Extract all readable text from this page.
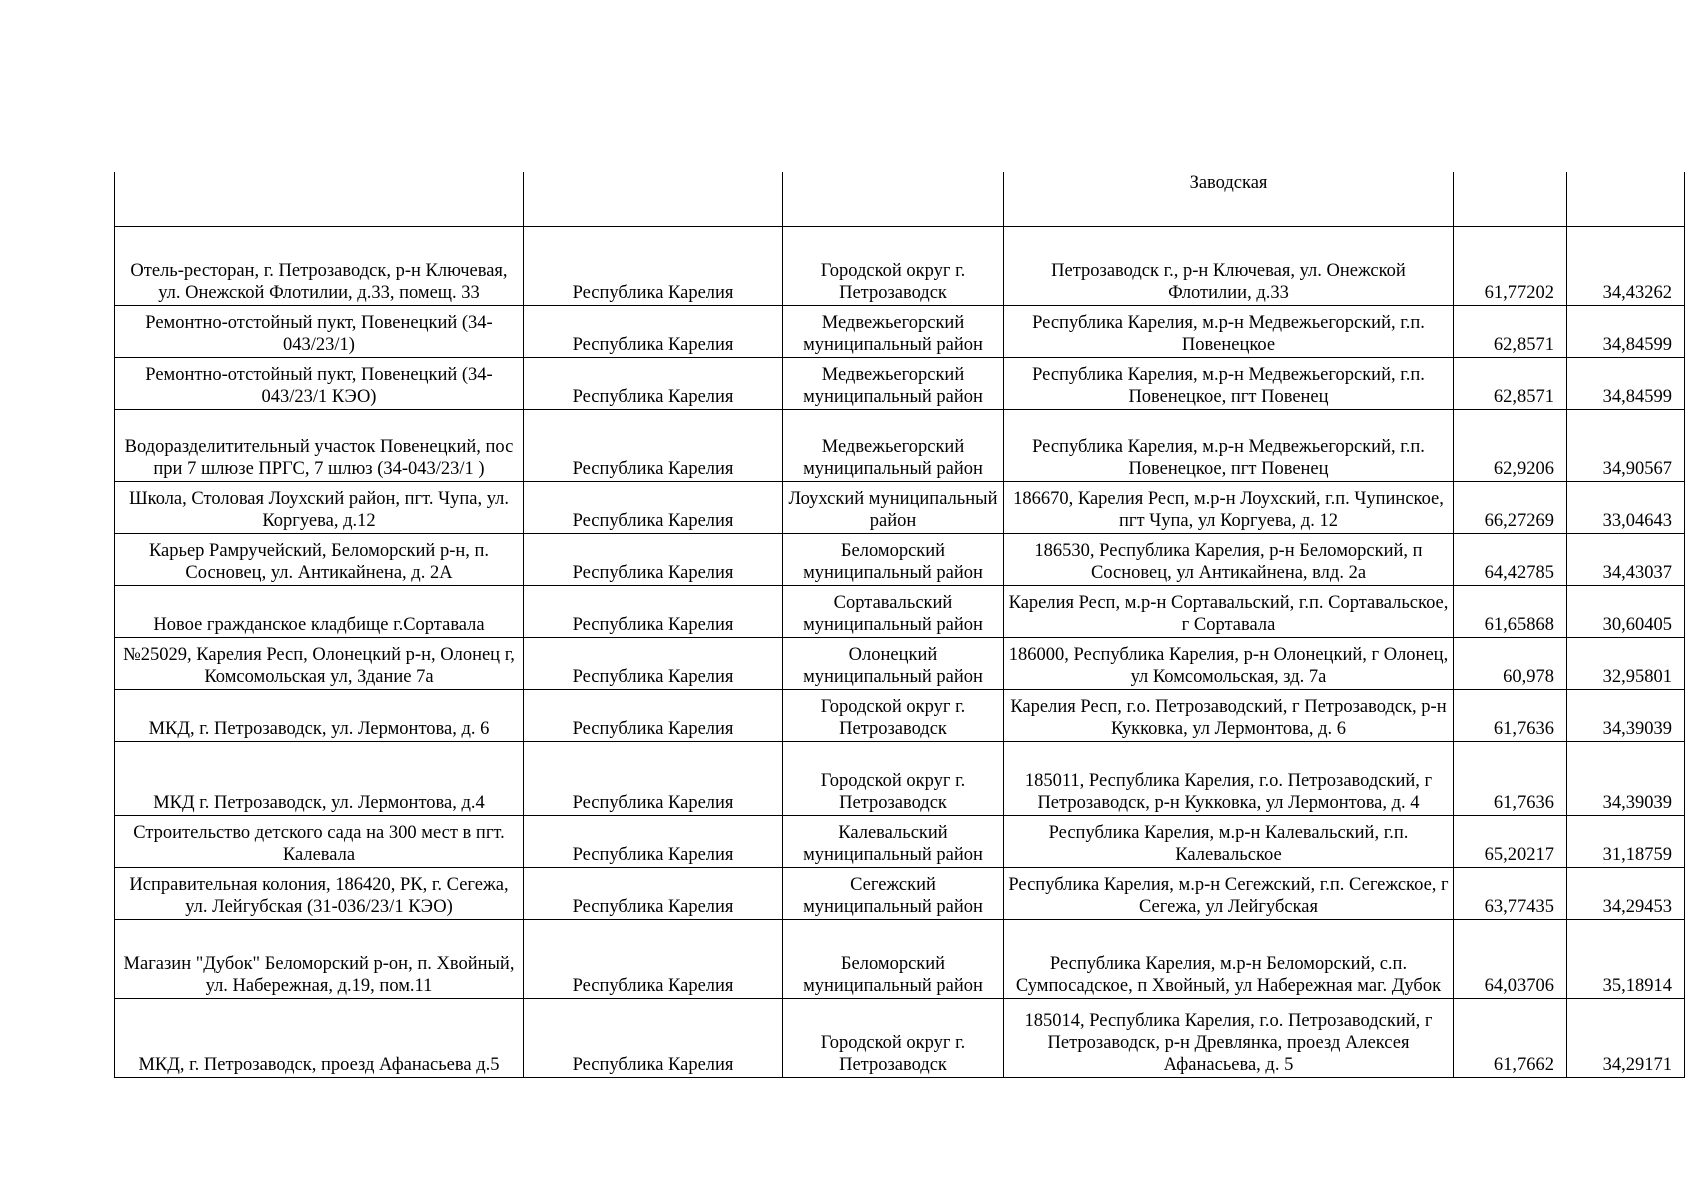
			Заводская		
Отель-ресторан, г. Петрозаводск, р-н Ключевая, ул. Онежской Флотилии, д.33, помещ. 33	Республика Карелия	Городской округ г. Петрозаводск	Петрозаводск г., р-н Ключевая, ул. Онежской Флотилии, д.33	61,77202	34,43262
Ремонтно-отстойный пукт, Повенецкий (34-043/23/1)	Республика Карелия	Медвежьегорский муниципальный район	Республика Карелия, м.р-н Медвежьегорский, г.п. Повенецкое	62,8571	34,84599
Ремонтно-отстойный пукт, Повенецкий (34-043/23/1 КЭО)	Республика Карелия	Медвежьегорский муниципальный район	Республика Карелия, м.р-н Медвежьегорский, г.п. Повенецкое, пгт Повенец	62,8571	34,84599
Водоразделитительный участок Повенецкий, пос при 7 шлюзе ПРГС, 7 шлюз (34-043/23/1 )	Республика Карелия	Медвежьегорский муниципальный район	Республика Карелия, м.р-н Медвежьегорский, г.п. Повенецкое, пгт Повенец	62,9206	34,90567
Школа, Столовая Лоухский район, пгт. Чупа, ул. Коргуева, д.12	Республика Карелия	Лоухский муниципальный район	186670, Карелия Респ, м.р-н Лоухский, г.п. Чупинское, пгт Чупа, ул Коргуева, д. 12	66,27269	33,04643
Карьер Рамручейский, Беломорский р-н, п. Сосновец, ул. Антикайнена, д. 2А	Республика Карелия	Беломорский муниципальный район	186530, Республика Карелия, р-н Беломорский, п Сосновец, ул Антикайнена, влд. 2а	64,42785	34,43037
Новое гражданское кладбище г.Сортавала	Республика Карелия	Сортавальский муниципальный район	Карелия Респ, м.р-н Сортавальский, г.п. Сортавальское, г Сортавала	61,65868	30,60405
№25029, Карелия Респ, Олонецкий р-н, Олонец г, Комсомольская ул, Здание 7а	Республика Карелия	Олонецкий муниципальный район	186000, Республика Карелия, р-н Олонецкий, г Олонец, ул Комсомольская, зд. 7а	60,978	32,95801
МКД, г. Петрозаводск, ул. Лермонтова, д. 6	Республика Карелия	Городской округ г. Петрозаводск	Карелия Респ, г.о. Петрозаводский, г Петрозаводск, р-н Кукковка, ул Лермонтова, д. 6	61,7636	34,39039
МКД г. Петрозаводск, ул. Лермонтова, д.4	Республика Карелия	Городской округ г. Петрозаводск	185011, Республика Карелия, г.о. Петрозаводский, г Петрозаводск, р-н Кукковка, ул Лермонтова, д. 4	61,7636	34,39039
Строительство детского сада на 300 мест в пгт. Калевала	Республика Карелия	Калевальский муниципальный район	Республика Карелия, м.р-н Калевальский, г.п. Калевальское	65,20217	31,18759
Исправительная колония, 186420, РК, г. Сегежа, ул. Лейгубская (31-036/23/1 КЭО)	Республика Карелия	Сегежский муниципальный район	Республика Карелия, м.р-н Сегежский, г.п. Сегежское, г Сегежа, ул Лейгубская	63,77435	34,29453
Магазин "Дубок" Беломорский р-он, п. Хвойный, ул. Набережная, д.19, пом.11	Республика Карелия	Беломорский муниципальный район	Республика Карелия, м.р-н Беломорский, с.п. Сумпосадское, п Хвойный, ул Набережная маг. Дубок	64,03706	35,18914
МКД, г. Петрозаводск, проезд Афанасьева д.5	Республика Карелия	Городской округ г. Петрозаводск	185014, Республика Карелия, г.о. Петрозаводский, г Петрозаводск, р-н Древлянка, проезд Алексея Афанасьева, д. 5	61,7662	34,29171
